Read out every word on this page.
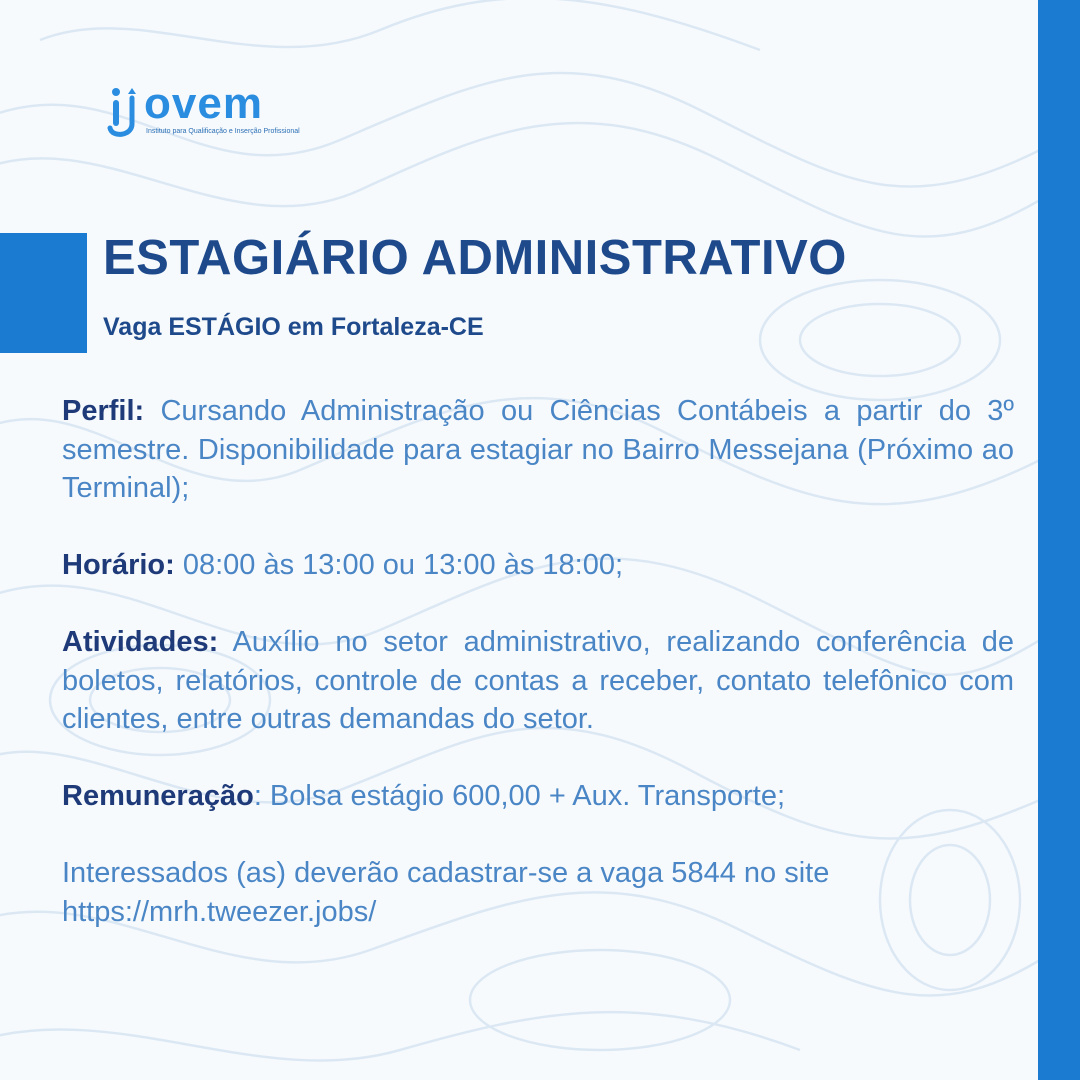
ovem
Instituto para Qualificação e Inserção Profissional
ESTAGIÁRIO ADMINISTRATIVO
Vaga ESTÁGIO em Fortaleza-CE

Perfil: Cursando Administração ou Ciências Contábeis a partir do 3º semestre. Disponibilidade para estagiar no Bairro Messejana (Próximo ao Terminal);

Horário: 08:00 às 13:00 ou 13:00 às 18:00;

Atividades: Auxílio no setor administrativo, realizando conferência de boletos, relatórios, controle de contas a receber, contato telefônico com clientes, entre outras demandas do setor.

Remuneração: Bolsa estágio 600,00 + Aux. Transporte;

Interessados (as) deverão cadastrar-se a vaga 5844 no site https://mrh.tweezer.jobs/
